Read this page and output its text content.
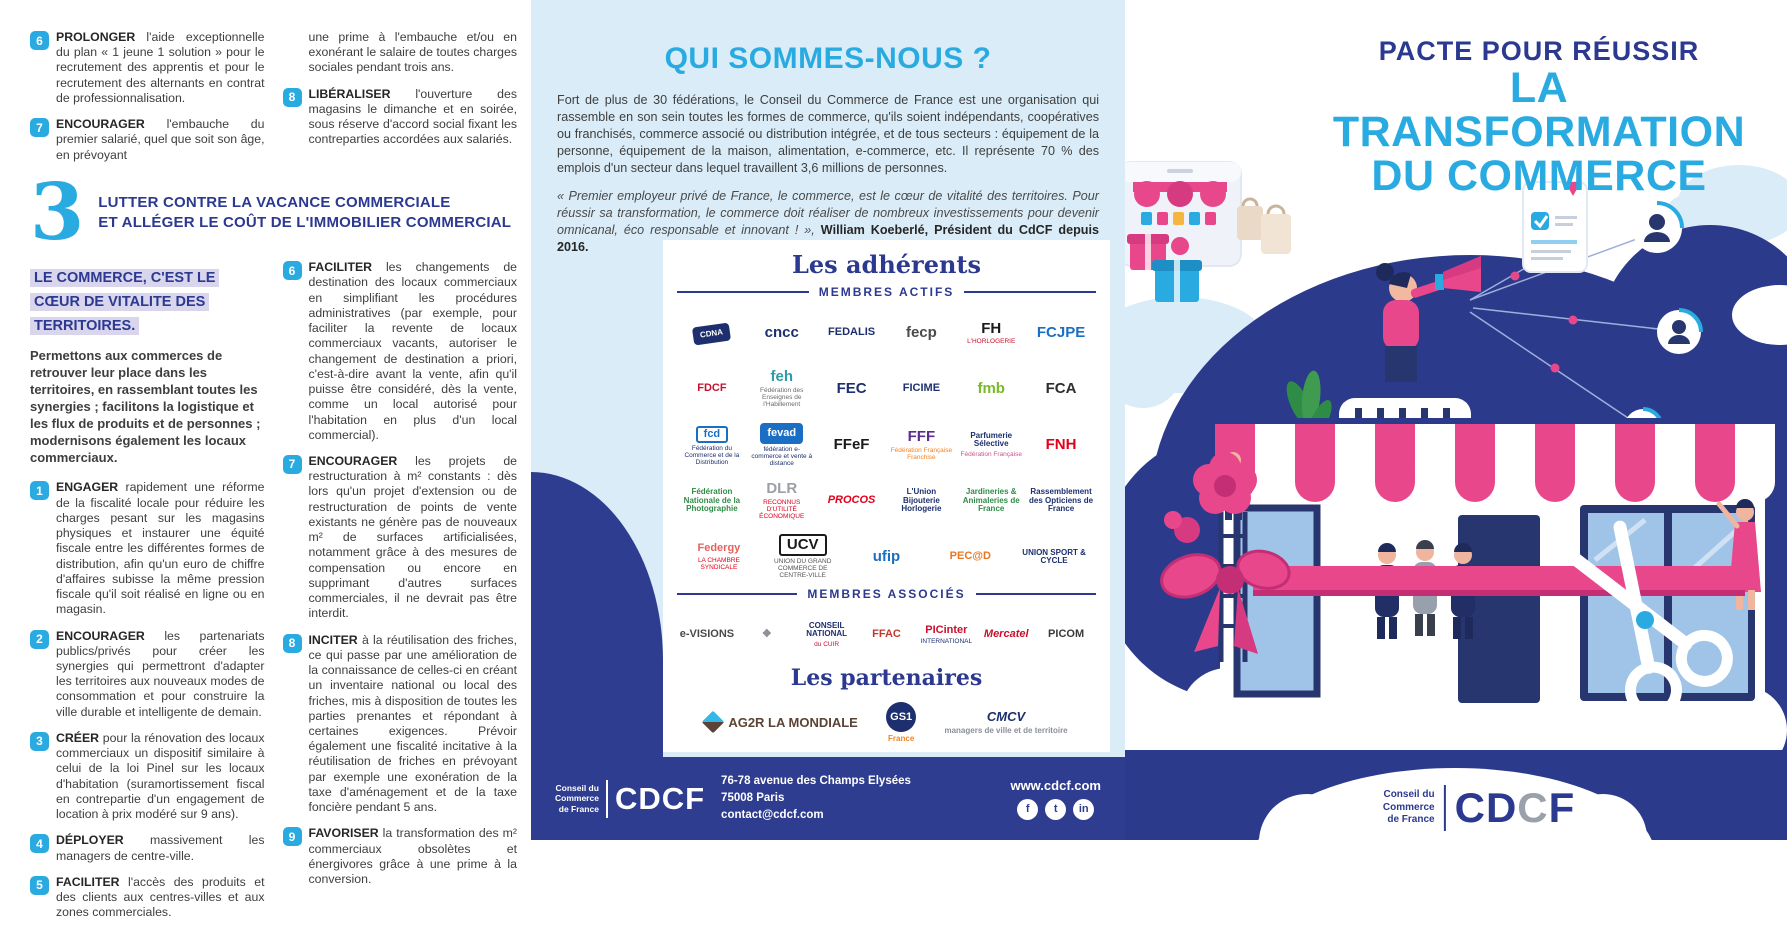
6	PROLONGER l'aide exceptionnelle du plan « 1 jeune 1 solution » pour le recrutement des apprentis et pour le recrutement des alternants en contrat de professionnalisation.

7	ENCOURAGER l'embauche du premier salarié, quel que soit son âge, en prévoyant

une prime à l'embauche et/ou en exonérant le salaire de toutes charges sociales pendant trois ans.

8	LIBÉRALISER l'ouverture des magasins le dimanche et en soirée, sous réserve d'accord social fixant les contreparties accordées aux salariés.

3 LUTTER CONTRE LA VACANCE COMMERCIALE
ET ALLÉGER LE COÛT DE L'IMMOBILIER COMMERCIAL

LE COMMERCE, C'EST LE CŒUR DE VITALITE DES TERRITOIRES.

Permettons aux commerces de retrouver leur place dans les territoires, en rassemblant toutes les synergies ; facilitons la logistique et les flux de produits et de personnes ; modernisons également les locaux commerciaux.

1	ENGAGER rapidement une réforme de la fiscalité locale pour réduire les charges pesant sur les magasins physiques et instaurer une équité fiscale entre les différentes formes de distribution, afin qu'un euro de chiffre d'affaires subisse la même pression fiscale qu'il soit réalisé en ligne ou en magasin.

2	ENCOURAGER les partenariats publics/privés pour créer les synergies qui permettront d'adapter les territoires aux nouveaux modes de consommation et pour construire la ville durable et intelligente de demain.

3	CRÉER pour la rénovation des locaux commerciaux un dispositif similaire à celui de la loi Pinel sur les locaux d'habitation (suramortissement fiscal en contrepartie d'un engagement de location à prix modéré sur 9 ans).

4	DÉPLOYER massivement les managers de centre-ville.

5	FACILITER l'accès des produits et des clients aux centres-villes et aux zones commerciales.

6	FACILITER les changements de destination des locaux commerciaux en simplifiant les procédures administratives (par exemple, pour faciliter la revente de locaux commerciaux vacants, autoriser le changement de destination a priori, c'est-à-dire avant la vente, afin qu'il puisse être considéré, dès la vente, comme un local autorisé pour l'habitation en plus d'un local commercial).

7	ENCOURAGER les projets de restructuration à m² constants : dès lors qu'un projet d'extension ou de restructuration de points de vente existants ne génère pas de nouveaux m² de surfaces artificialisées, notamment grâce à des mesures de compensation ou encore en supprimant d'autres surfaces commerciales, il ne devrait pas être interdit.

8	INCITER à la réutilisation des friches, ce qui passe par une amélioration de la connaissance de celles-ci en créant un inventaire national ou local des friches, mis à disposition de toutes les parties prenantes et répondant à certaines exigences. Prévoir également une fiscalité incitative à la réutilisation de friches en prévoyant par exemple une exonération de la taxe d'aménagement et de la taxe foncière pendant 5 ans.

9	FAVORISER la transformation des m² commerciaux obsolètes et énergivores grâce à une prime à la conversion.

QUI SOMMES-NOUS ?

Fort de plus de 30 fédérations, le Conseil du Commerce de France est une organisation qui rassemble en son sein toutes les formes de commerce, qu'ils soient indépendants, coopératives ou franchisés, commerce associé ou distribution intégrée, et de tous secteurs : équipement de la personne, équipement de la maison, alimentation, e-commerce, etc. Il représente 70 % des emplois d'un secteur dans lequel travaillent 3,6 millions de personnes.

« Premier employeur privé de France, le commerce, est le cœur de vitalité des territoires. Pour réussir sa transformation, le commerce doit réaliser de nombreux investissements pour devenir omnicanal, éco responsable et innovant ! », William Koeberlé, Président du CdCF depuis 2016.

Les adhérents
MEMBRES ACTIFS
CDNA	cncc	FEDALIS	fecp	FH
L'HORLOGERIE
FCJPE
FDCF
feh
Fédération des Enseignes de l'Habillement
FEC	FICIME	fmb	FCA
fcd
Fédération du Commerce et de la Distribution
fevad
fédération e-commerce et vente à distance
FFeF	FFF
Fédération Française Franchise
Parfumerie Sélective
Fédération Française
FNH
Fédération Nationale de la Photographie
DLR
RECONNUS D'UTILITÉ ÉCONOMIQUE
PROCOS
L'Union Bijouterie Horlogerie
Jardineries & Animaleries de France
Rassemblement des Opticiens de France
Federgy
LA CHAMBRE SYNDICALE
UCV
UNION DU GRAND COMMERCE DE CENTRE-VILLE
ufip	PEC@D	UNION SPORT & CYCLE
MEMBRES ASSOCIÉS
e-VISIONS	❖
CONSEIL NATIONAL
du CUIR
FFAC	PICinter
INTERNATIONAL
Mercatel	PICOM
Les partenaires
AG2R LA MONDIALE	GS1
France
CMCV
managers de ville et de territoire
Conseil du
Commerce
de France CDCF 76-78 avenue des Champs Elysées
75008 Paris
contact@cdcf.com
www.cdcf.com
f	t	in
PACTE POUR RÉUSSIR
LA TRANSFORMATION
DU COMMERCE
Conseil du
Commerce
de France CDCF
